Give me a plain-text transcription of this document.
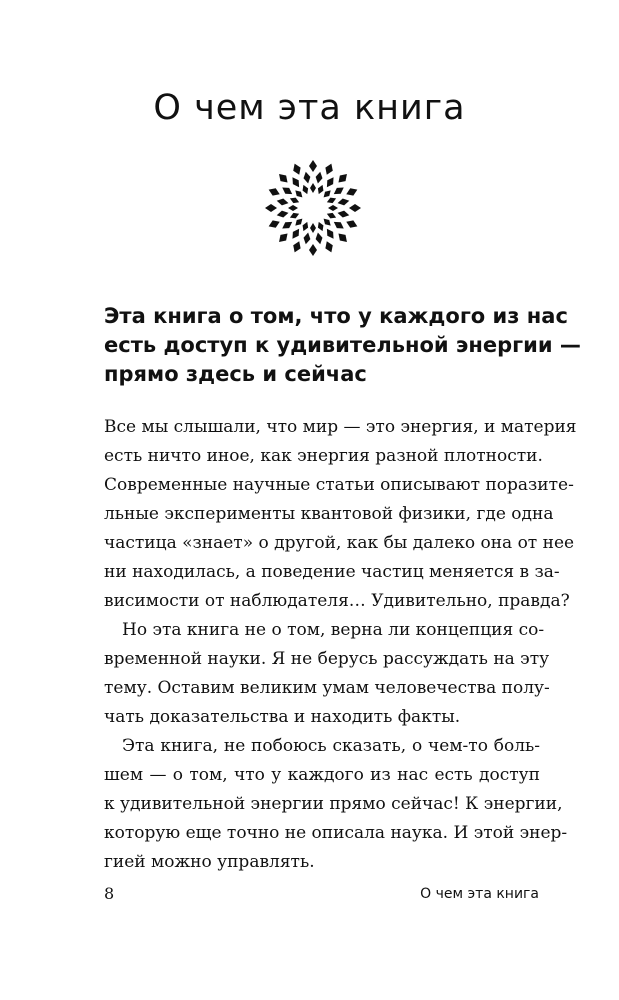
О чем эта книга
Эта книга о том, что у каждого из нас
есть доступ к удивительной энергии —
прямо здесь и сейчас
Все мы слышали, что мир — это энергия, и материя
есть ничто иное, как энергия разной плотности.
Современные научные статьи описывают поразите-
льные эксперименты квантовой физики, где одна
частица «знает» о другой, как бы далеко она от нее
ни находилась, а поведение частиц меняется в за-
висимости от наблюдателя… Удивительно, правда?
Но эта книга не о том, верна ли концепция со-
временной науки. Я не берусь рассуждать на эту
тему. Оставим великим умам человечества полу-
чать доказательства и находить факты.
Эта книга, не побоюсь сказать, о чем-то боль-
шем — о том, что у каждого из нас есть доступ
к удивительной энергии прямо сейчас! К энергии,
которую еще точно не описала наука. И этой энер-
гией можно управлять.
8	О чем эта книга
